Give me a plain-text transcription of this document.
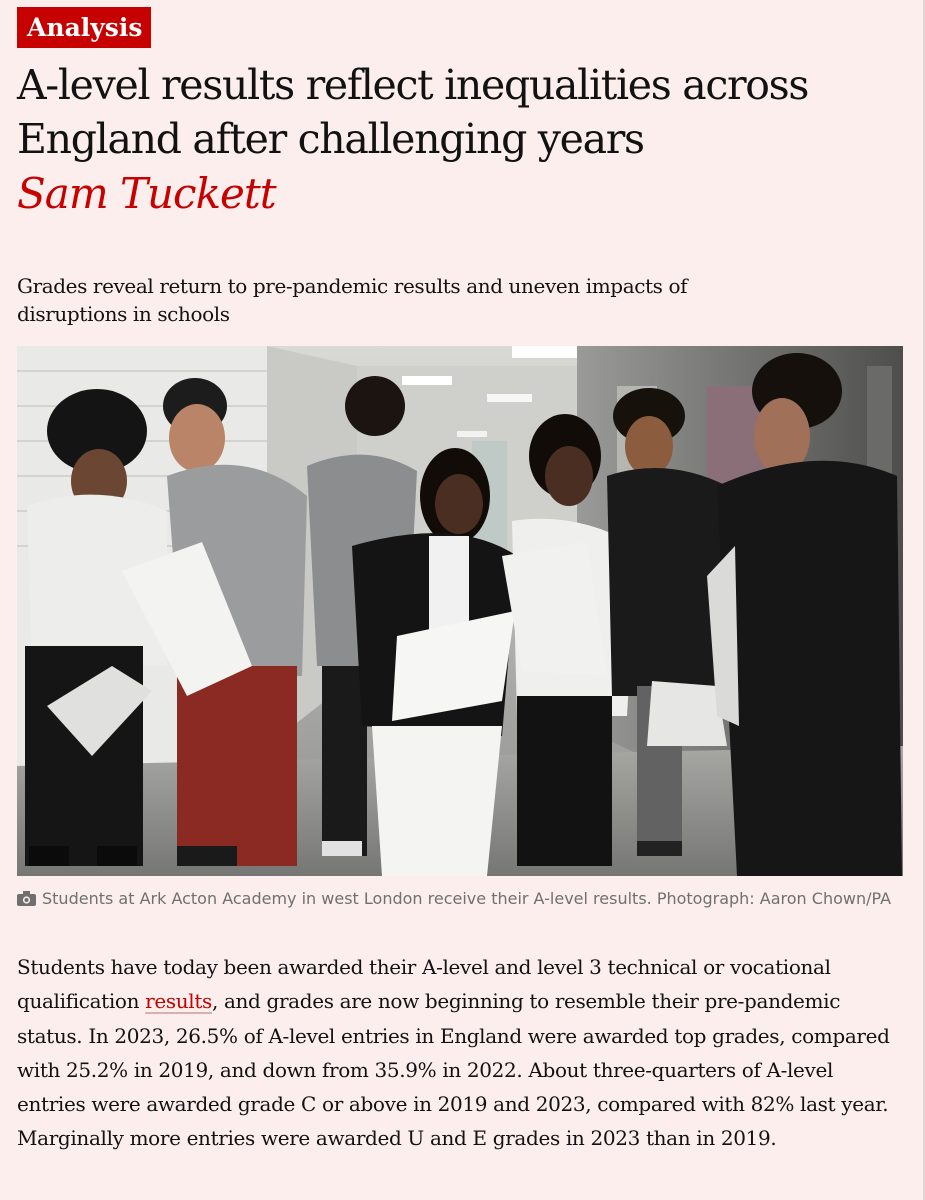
Analysis
A-level results reflect inequalities across
England after challenging years
Sam Tuckett

Grades reveal return to pre-pandemic results and uneven impacts of
disruptions in schools

Students at Ark Acton Academy in west London receive their A-level results. Photograph: Aaron Chown/PA

Students have today been awarded their A-level and level 3 technical or vocational qualification results, and grades are now beginning to resemble their pre-pandemic status. In 2023, 26.5% of A-level entries in England were awarded top grades, compared with 25.2% in 2019, and down from 35.9% in 2022. About three-quarters of A-level entries were awarded grade C or above in 2019 and 2023, compared with 82% last year. Marginally more entries were awarded U and E grades in 2023 than in 2019.
